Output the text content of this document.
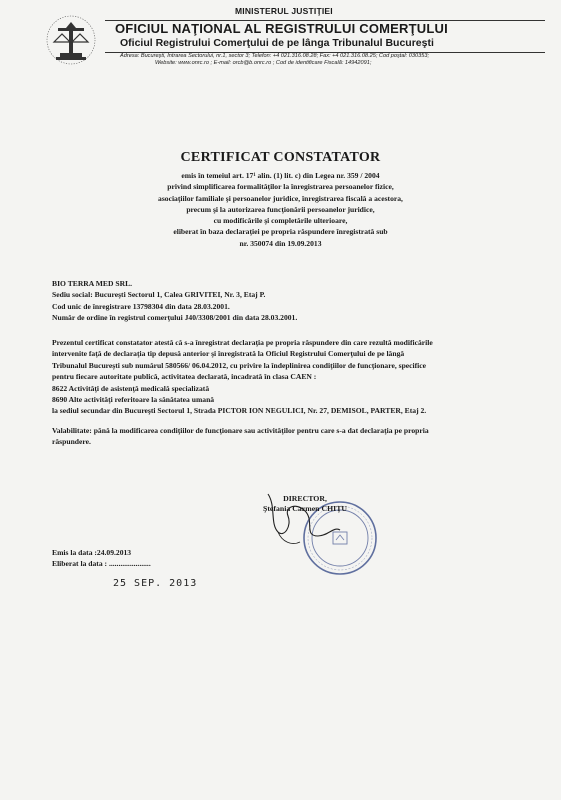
MINISTERUL JUSTIŢIEI
OFICIUL NAŢIONAL AL REGISTRULUI COMERŢULUI
Oficiul Registrului Comerţului de pe lânga Tribunalul Bucureşti
Adresa: Bucureşti, Intrarea Sectorului, nr.1, sector 3; Telefon: +4 021.316.08.28; Fax: +4 021.316.08.25; Cod poştal: 030353;
Website: www.onrc.ro ; E-mail: orcb@b.onrc.ro ; Cod de identificare Fiscală: 14942091;
CERTIFICAT CONSTATATOR
emis în temeiul art. 17¹ alin. (1) lit. c) din Legea nr. 359 / 2004
privind simplificarea formalităţilor la înregistrarea persoanelor fizice,
asociaţiilor familiale şi persoanelor juridice, înregistrarea fiscală a acestora,
precum şi la autorizarea funcţionării persoanelor juridice,
cu modificările şi completările ulterioare,
eliberat în baza declaraţiei pe propria răspundere înregistrată sub
nr. 350074 din 19.09.2013
BIO TERRA MED SRL.
Sediu social: Bucureşti Sectorul 1, Calea GRIVITEI, Nr. 3, Etaj P.
Cod unic de înregistrare 13798304 din data 28.03.2001.
Număr de ordine în registrul comerţului J40/3308/2001 din data 28.03.2001.
Prezentul certificat constatator atestă că s-a înregistrat declaraţia pe propria răspundere din care rezultă modificările
intervenite faţă de declaraţia tip depusă anterior şi înregistrată la Oficiul Registrului Comerţului de pe lângă
Tribunalul Bucureşti sub numărul 580566/ 06.04.2012, cu privire la îndeplinirea condiţiilor de funcţionare, specifice
pentru fiecare autoritate publică, activitatea declarată, incadrată în clasa CAEN :
8622 Activităţi de asistenţă medicală specializată
8690 Alte activităţi referitoare la sănătatea umană
la sediul secundar din Bucureşti Sectorul 1, Strada PICTOR ION NEGULICI, Nr. 27, DEMISOL, PARTER, Etaj 2.
Valabilitate: până la modificarea condiţiilor de funcţionare sau activităţilor pentru care s-a dat declaraţia pe propria
răspundere.
DIRECTOR,
Ştefania Carmen CHIŢU
Emis la data :24.09.2013
Eliberat la data : ......................
25 SEP. 2013
